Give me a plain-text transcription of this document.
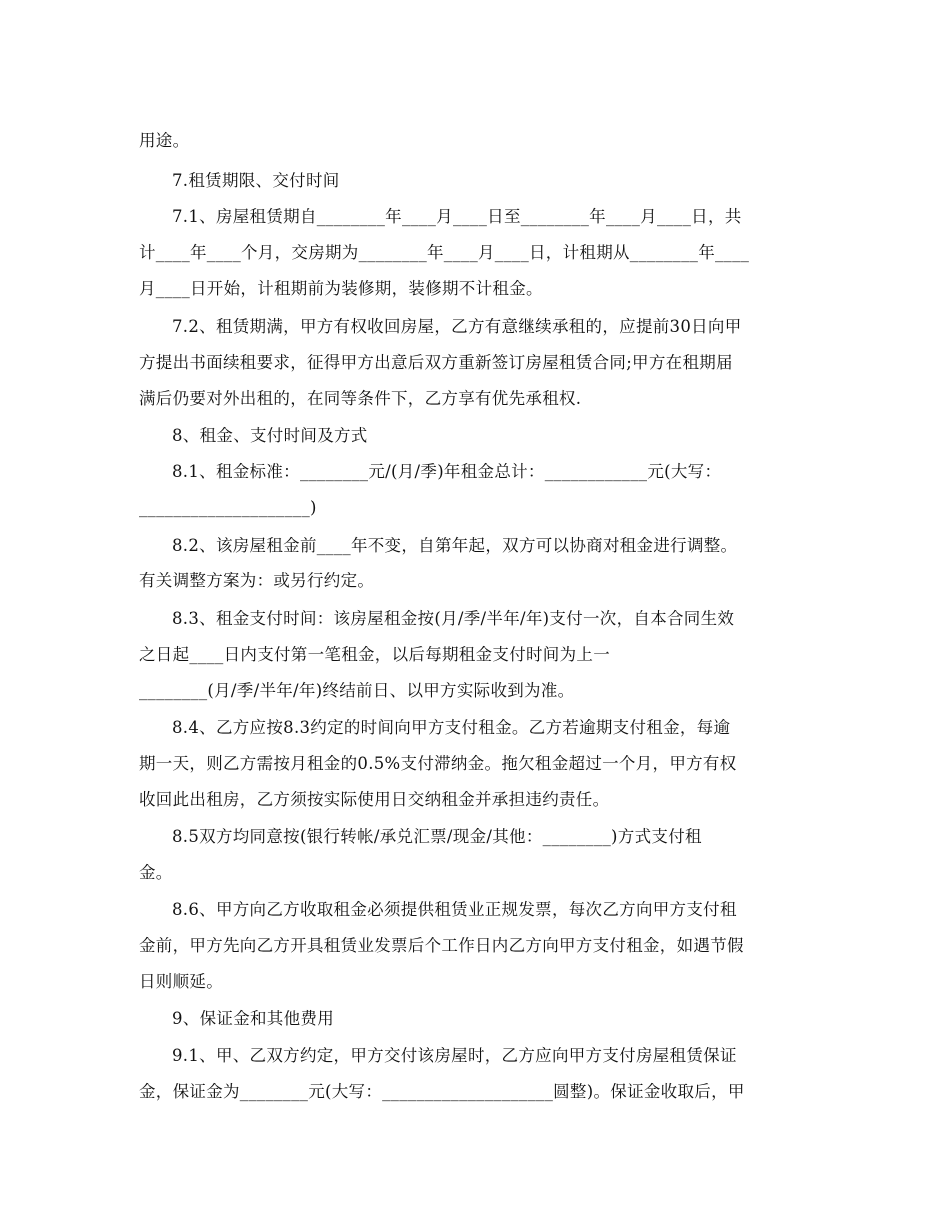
用途。
7.租赁期限、交付时间
7.1、房屋租赁期自________年____月____日至________年____月____日，共
计____年____个月，交房期为________年____月____日，计租期从________年____
月____日开始，计租期前为装修期，装修期不计租金。
7.2、租赁期满，甲方有权收回房屋，乙方有意继续承租的，应提前30日向甲
方提出书面续租要求，征得甲方出意后双方重新签订房屋租赁合同;甲方在租期届
满后仍要对外出租的，在同等条件下，乙方享有优先承租权.
8、租金、支付时间及方式
8.1、租金标准：________元/(月/季)年租金总计：____________元(大写：
____________________)
8.2、该房屋租金前____年不变，自第年起，双方可以协商对租金进行调整。
有关调整方案为：或另行约定。
8.3、租金支付时间：该房屋租金按(月/季/半年/年)支付一次，自本合同生效
之日起____日内支付第一笔租金，以后每期租金支付时间为上一
________(月/季/半年/年)终结前日、以甲方实际收到为准。
8.4、乙方应按8.3约定的时间向甲方支付租金。乙方若逾期支付租金，每逾
期一天，则乙方需按月租金的0.5%支付滞纳金。拖欠租金超过一个月，甲方有权
收回此出租房，乙方须按实际使用日交纳租金并承担违约责任。
8.5双方均同意按(银行转帐/承兑汇票/现金/其他：________)方式支付租
金。
8.6、甲方向乙方收取租金必须提供租赁业正规发票，每次乙方向甲方支付租
金前，甲方先向乙方开具租赁业发票后个工作日内乙方向甲方支付租金，如遇节假
日则顺延。
9、保证金和其他费用
9.1、甲、乙双方约定，甲方交付该房屋时，乙方应向甲方支付房屋租赁保证
金，保证金为________元(大写：____________________圆整)。保证金收取后，甲
